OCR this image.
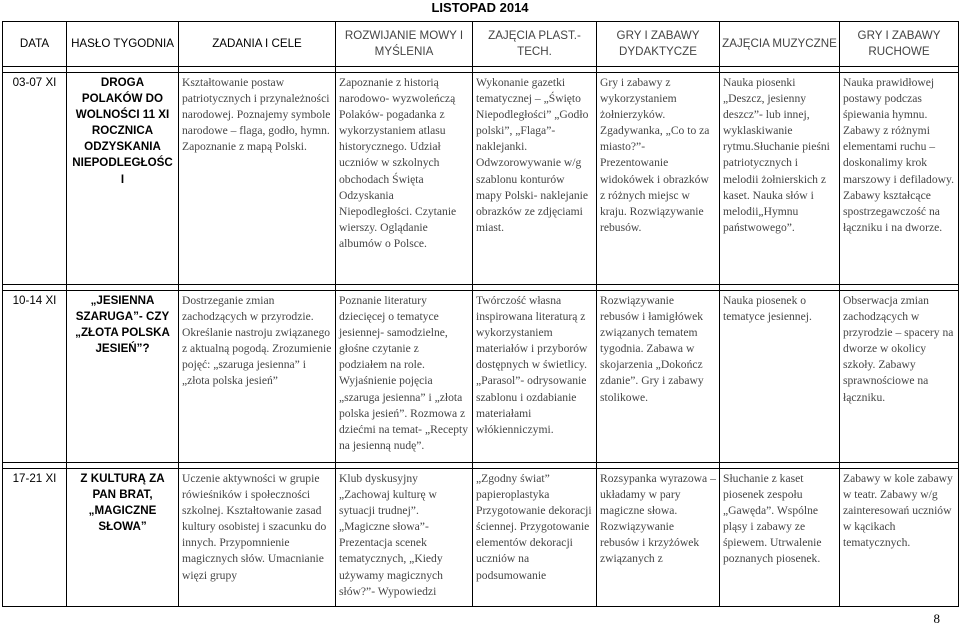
LISTOPAD 2014
DATA	HASŁO TYGODNIA	ZADANIA I CELE	ROZWIJANIE MOWY I MYŚLENIA	ZAJĘCIA PLAST.-TECH.	GRY I ZABAWY DYDAKTYCZE	ZAJĘCIA MUZYCZNE	GRY I ZABAWY RUCHOWE

03-07 XI	DROGA POLAKÓW DO WOLNOŚCI 11 XI ROCZNICA ODZYSKANIA NIEPODLEGŁOŚC I	Kształtowanie postaw patriotycznych i przynależności narodowej. Poznajemy symbole narodowe – flaga, godło, hymn. Zapoznanie z mapą Polski.	Zapoznanie z historią narodowo- wyzwoleńczą Polaków- pogadanka z wykorzystaniem atlasu historycznego. Udział uczniów w szkolnych obchodach Święta Odzyskania Niepodległości. Czytanie wierszy. Oglądanie albumów o Polsce.	Wykonanie gazetki tematycznej – „Święto Niepodległości” „Godło polski”, „Flaga”- naklejanki. Odwzorowywanie w/g szablonu konturów mapy Polski- naklejanie obrazków ze zdjęciami miast.	Gry i zabawy z wykorzystaniem żołnierzyków. Zgadywanka, „Co to za miasto?”- Prezentowanie widokówek i obrazków z różnych miejsc w kraju. Rozwiązywanie rebusów.	Nauka piosenki „Deszcz, jesienny deszcz”- lub innej, wyklaskiwanie rytmu.Słuchanie pieśni patriotycznych i melodii żołnierskich z kaset. Nauka słów i melodii„Hymnu państwowego”.	Nauka prawidłowej postawy podczas śpiewania hymnu. Zabawy z różnymi elementami ruchu – doskonalimy krok marszowy i defiladowy. Zabawy kształcące spostrzegawczość na łączniku i na dworze.

10-14 XI	„JESIENNA SZARUGA”- CZY „ZŁOTA POLSKA JESIEŃ”?	Dostrzeganie zmian zachodzących w przyrodzie. Określanie nastroju związanego z aktualną pogodą. Zrozumienie pojęć: „szaruga jesienna” i „złota polska jesień”	Poznanie literatury dziecięcej o tematyce jesiennej- samodzielne, głośne czytanie z podziałem na role. Wyjaśnienie pojęcia „szaruga jesienna” i „złota polska jesień”. Rozmowa z dziećmi na temat- „Recepty na jesienną nudę”.	Twórczość własna inspirowana literaturą z wykorzystaniem materiałów i przyborów dostępnych w świetlicy. „Parasol”- odrysowanie szablonu i ozdabianie materiałami włókienniczymi.	Rozwiązywanie rebusów i łamigłówek związanych tematem tygodnia. Zabawa w skojarzenia „Dokończ zdanie”. Gry i zabawy stolikowe.	Nauka piosenek o tematyce jesiennej.	Obserwacja zmian zachodzących w przyrodzie – spacery na dworze w okolicy szkoły. Zabawy sprawnościowe na łączniku.

17-21 XI	Z KULTURĄ ZA PAN BRAT, „MAGICZNE SŁOWA”	Uczenie aktywności w grupie rówieśników i społeczności szkolnej. Kształtowanie zasad kultury osobistej i szacunku do innych. Przypomnienie magicznych słów. Umacnianie więzi grupy	Klub dyskusyjny „Zachowaj kulturę w sytuacji trudnej”. „Magiczne słowa”- Prezentacja scenek tematycznych, „Kiedy używamy magicznych słów?”- Wypowiedzi	„Zgodny świat” papieroplastyka Przygotowanie dekoracji ściennej. Przygotowanie elementów dekoracji uczniów na podsumowanie	Rozsypanka wyrazowa – układamy w pary magiczne słowa. Rozwiązywanie rebusów i krzyżówek związanych z	Słuchanie z kaset piosenek zespołu „Gawęda”. Wspólne pląsy i zabawy ze śpiewem. Utrwalenie poznanych piosenek.	Zabawy w kole zabawy w teatr. Zabawy w/g zainteresowań uczniów w kącikach tematycznych.
8
